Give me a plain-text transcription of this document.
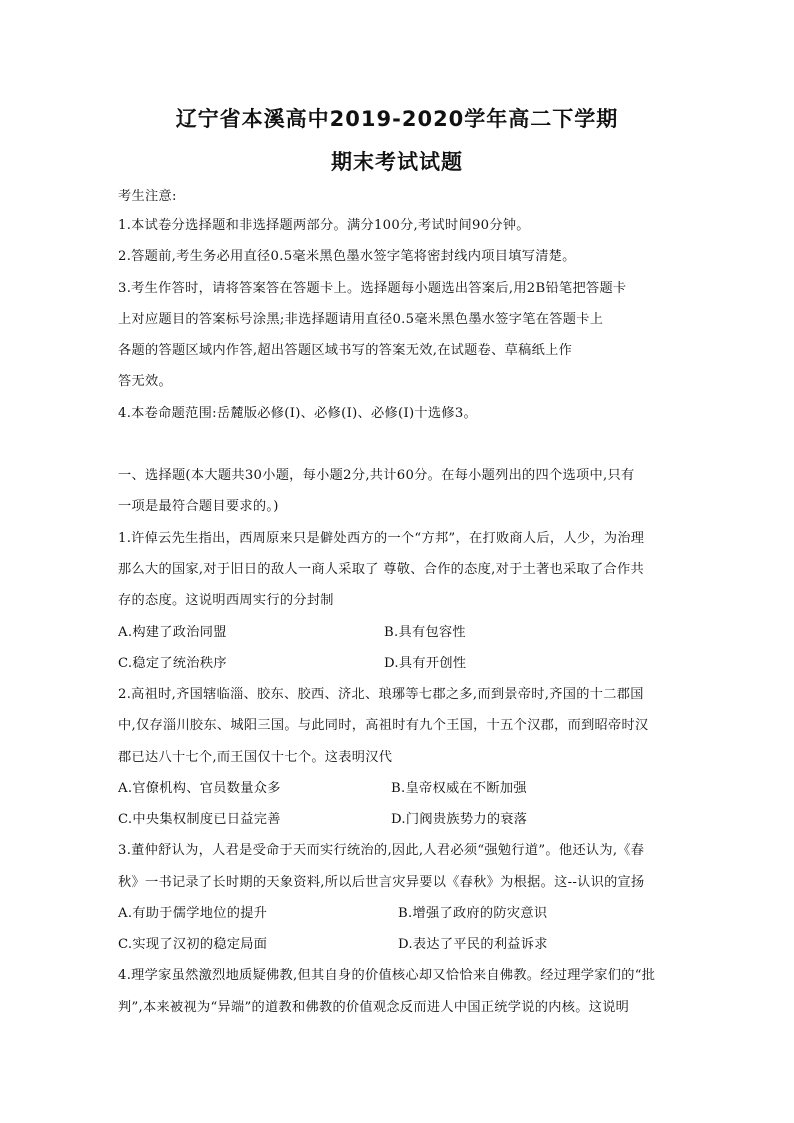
辽宁省本溪高中2019-2020学年高二下学期
期末考试试题
考生注意:
1.本试卷分选择题和非选择题两部分。满分100分,考试时间90分钟。
2.答题前,考生务必用直径0.5毫米黑色墨水签字笔将密封线内项目填写清楚。
3.考生作答时，请将答案答在答题卡上。选择题每小题选出答案后,用2B铅笔把答题卡
上对应题目的答案标号涂黑;非选择题请用直径0.5毫米黑色墨水签字笔在答题卡上
各题的答题区域内作答,超出答题区域书写的答案无效,在试题卷、草稿纸上作
答无效。
4.本卷命题范围:岳麓版必修(Ⅰ)、必修(I)、必修(I)十选修3。
一、选择题(本大题共30小题，每小题2分,共计60分。在每小题列出的四个选项中,只有
一项是最符合题目要求的。)
1.许倬云先生指出，西周原来只是僻处西方的一个“方邦”，在打败商人后，人少，为治理
那么大的国家,对于旧日的敌人一商人采取了 尊敬、合作的态度,对于土著也采取了合作共
存的态度。这说明西周实行的分封制
A.构建了政治同盟	B.具有包容性
C.稳定了统治秩序	D.具有开创性
2.高祖时,齐国辖临淄、胶东、胶西、济北、琅琊等七郡之多,而到景帝时,齐国的十二郡国
中,仅存淄川胶东、城阳三国。与此同时，高祖时有九个王国，十五个汉郡，而到昭帝时汉
郡已达八十七个,而王国仅十七个。这表明汉代
A.官僚机构、官员数量众多	B.皇帝权威在不断加强
C.中央集权制度已日益完善	D.门阀贵族势力的衰落
3.董仲舒认为，人君是受命于天而实行统治的,因此,人君必须“强勉行道”。他还认为,《春
秋》一书记录了长时期的天象资料,所以后世言灾异要以《春秋》为根据。这--认识的宣扬
A.有助于儒学地位的提升	B.增强了政府的防灾意识
C.实现了汉初的稳定局面	D.表达了平民的利益诉求
4.理学家虽然激烈地质疑佛教,但其自身的价值核心却又恰恰来自佛教。经过理学家们的“批
判”,本来被视为“异端”的道教和佛教的价值观念反而进人中国正统学说的内核。这说明
